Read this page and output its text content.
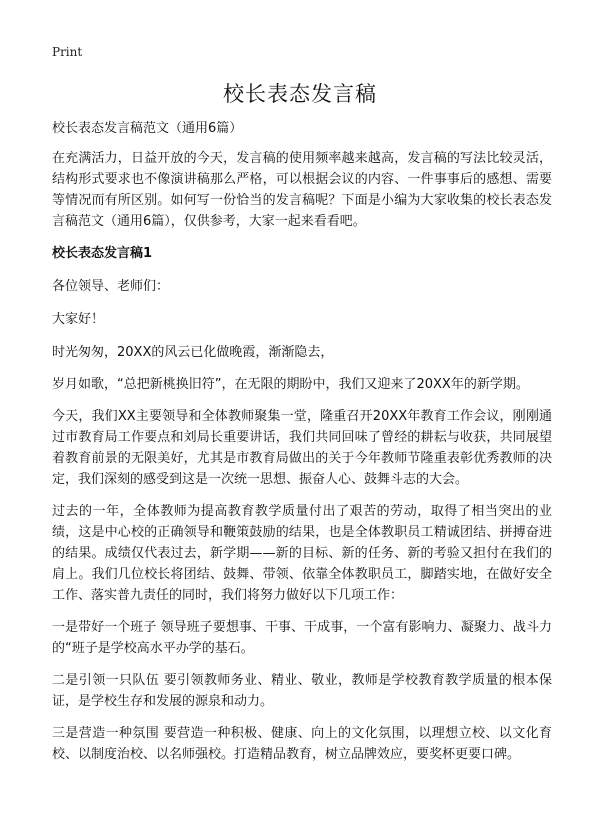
Print
校长表态发言稿

校长表态发言稿范文（通用6篇）

在充满活力，日益开放的今天，发言稿的使用频率越来越高，发言稿的写法比较灵活，结构形式要求也不像演讲稿那么严格，可以根据会议的内容、一件事事后的感想、需要等情况而有所区别。如何写一份恰当的发言稿呢？下面是小编为大家收集的校长表态发言稿范文（通用6篇），仅供参考，大家一起来看看吧。

校长表态发言稿1

各位领导、老师们：

大家好！

时光匆匆，20XX的风云已化做晚霞，渐渐隐去，

岁月如歌，“总把新桃换旧符”，在无限的期盼中，我们又迎来了20XX年的新学期。

今天，我们XX主要领导和全体教师聚集一堂，隆重召开20XX年教育工作会议，刚刚通过市教育局工作要点和刘局长重要讲话，我们共同回味了曾经的耕耘与收获，共同展望着教育前景的无限美好，尤其是市教育局做出的关于今年教师节隆重表彰优秀教师的决定，我们深刻的感受到这是一次统一思想、振奋人心、鼓舞斗志的大会。

过去的一年，全体教师为提高教育教学质量付出了艰苦的劳动，取得了相当突出的业绩，这是中心校的正确领导和鞭策鼓励的结果，也是全体教职员工精诚团结、拼搏奋进的结果。成绩仅代表过去，新学期——新的目标、新的任务、新的考验又担付在我们的肩上。我们几位校长将团结、鼓舞、带领、依靠全体教职员工，脚踏实地，在做好安全工作、落实普九责任的同时，我们将努力做好以下几项工作：

一是带好一个班子 领导班子要想事、干事、干成事，一个富有影响力、凝聚力、战斗力的“班子是学校高水平办学的基石。

二是引领一只队伍 要引领教师务业、精业、敬业，教师是学校教育教学质量的根本保证，是学校生存和发展的源泉和动力。

三是营造一种氛围 要营造一种积极、健康、向上的文化氛围，以理想立校、以文化育校、以制度治校、以名师强校。打造精品教育，树立品牌效应，要奖杯更要口碑。
